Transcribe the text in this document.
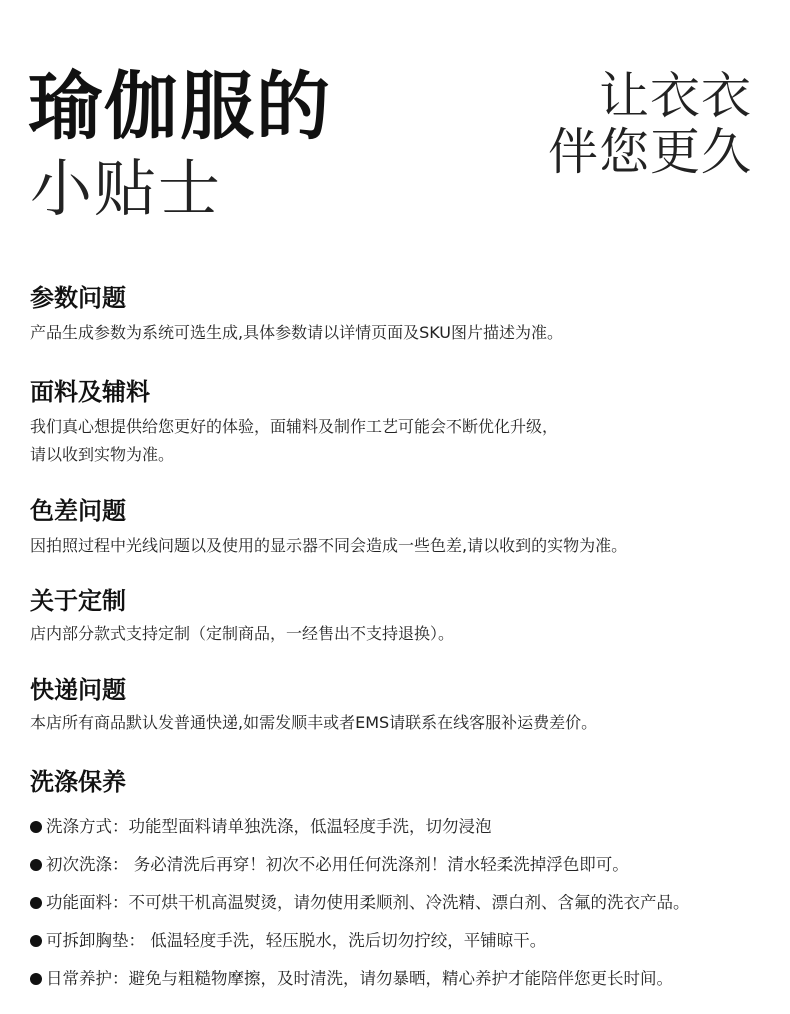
瑜伽服的
小贴士
让衣衣
伴您更久
参数问题

产品生成参数为系统可选生成,具体参数请以详情页面及SKU图片描述为准。

面料及辅料

我们真心想提供给您更好的体验，面辅料及制作工艺可能会不断优化升级，
请以收到实物为准。

色差问题

因拍照过程中光线问题以及使用的显示器不同会造成一些色差,请以收到的实物为准。

关于定制

店内部分款式支持定制（定制商品，一经售出不支持退换）。

快递问题

本店所有商品默认发普通快递,如需发顺丰或者EMS请联系在线客服补运费差价。

洗涤保养
洗涤方式：功能型面料请单独洗涤，低温轻度手洗，切勿浸泡
初次洗涤： 务必清洗后再穿！初次不必用任何洗涤剂！清水轻柔洗掉浮色即可。
功能面料：不可烘干机高温熨烫，请勿使用柔顺剂、冷洗精、漂白剂、含氟的洗衣产品。
可拆卸胸垫： 低温轻度手洗，轻压脱水，洗后切勿拧绞，平铺晾干。
日常养护：避免与粗糙物摩擦，及时清洗，请勿暴晒，精心养护才能陪伴您更长时间。
